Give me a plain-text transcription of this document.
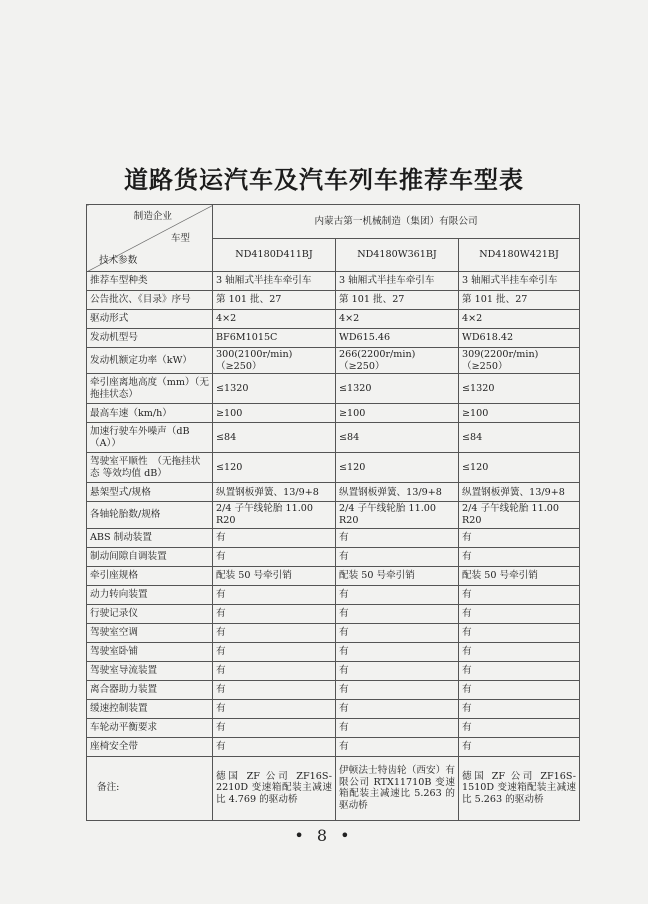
道路货运汽车及汽车列车推荐车型表
制造企业
车型
技术参数	内蒙古第一机械制造（集团）有限公司		
	ND4180D411BJ	ND4180W361BJ	ND4180W421BJ
推荐车型种类	3 轴厢式半挂车牵引车	3 轴厢式半挂车牵引车	3 轴厢式半挂车牵引车
公告批次、《目录》序号	第 101 批、27	第 101 批、27	第 101 批、27
驱动形式	4×2	4×2	4×2
发动机型号	BF6M1015C	WD615.46	WD618.42
发动机额定功率（kW）	300(2100r/min)（≥250）	266(2200r/min)（≥250）	309(2200r/min)（≥250）
牵引座离地高度（mm）（无拖挂状态）	≤1320	≤1320	≤1320
最高车速（km/h）	≥100	≥100	≥100
加速行驶车外噪声（dB（A））	≤84	≤84	≤84
驾驶室平顺性　（无拖挂状态 等效均值 dB）	≤120	≤120	≤120
悬架型式/规格	纵置钢板弹簧、13/9+8	纵置钢板弹簧、13/9+8	纵置钢板弹簧、13/9+8
各轴轮胎数/规格	2/4 子午线轮胎 11.00 R20	2/4 子午线轮胎 11.00 R20	2/4 子午线轮胎 11.00 R20
ABS 制动装置	有	有	有
制动间隙自调装置	有	有	有
牵引座规格	配装 50 号牵引销	配装 50 号牵引销	配装 50 号牵引销
动力转向装置	有	有	有
行驶记录仪	有	有	有
驾驶室空调	有	有	有
驾驶室卧铺	有	有	有
驾驶室导流装置	有	有	有
离合器助力装置	有	有	有
缓速控制装置	有	有	有
车轮动平衡要求	有	有	有
座椅安全带	有	有	有
备注:	德国 ZF 公司 ZF16S-2210D 变速箱配装主减速比 4.769 的驱动桥	伊顿法士特齿轮（西安）有限公司 RTX11710B 变速箱配装主减速比 5.263 的驱动桥	德国 ZF 公司 ZF16S-1510D 变速箱配装主减速比 5.263 的驱动桥
• 8 •
